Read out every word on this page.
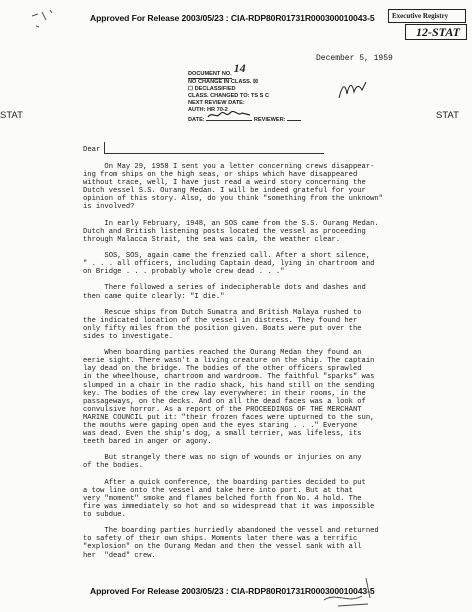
Approved For Release 2003/05/23 : CIA-RDP80R01731R000300010043-5	Executive Registry
12-STAT
STAT	STAT
December 5, 1959
DOCUMENT NO. 14
NO CHANGE IN CLASS. ☒
☐ DECLASSIFIED
CLASS. CHANGED TO: TS S C
NEXT REVIEW DATE:
AUTH: HR 70-2
DATE:	REVIEWER:
Dear
On May 29, 1958 I sent you a letter concerning crews disappear-
ing from ships on the high seas, or ships which have disappeared
without trace, well, I have just read a weird story concerning the
Dutch vessel S.S. Ourang Medan. I will be indeed grateful for your
opinion of this story. Also, do you think "something from the unknown"
is involved?

In early February, 1948, an SOS came from the S.S. Ourang Medan.
Dutch and British listening posts located the vessel as proceeding
through Malacca Strait, the sea was calm, the weather clear.

SOS, SOS, again came the frenzied call. After a short silence,
" . . . all officers, including Captain dead, lying in chartroom and
on Bridge . . . probably whole crew dead . . ."

There followed a series of indecipherable dots and dashes and
then came quite clearly: "I die."

Rescue ships from Dutch Sumatra and British Malaya rushed to
the indicated location of the vessel in distress. They found her
only fifty miles from the position given. Boats were put over the
sides to investigate.

When boarding parties reached the Ourang Medan they found an
eerie sight. There wasn't a living creature on the ship. The captain
lay dead on the bridge. The bodies of the other officers sprawled
in the wheelhouse, chartroom and wardroom. The faithful "sparks" was
slumped in a chair in the radio shack, his hand still on the sending
key. The bodies of the crew lay everywhere: in their rooms, in the
passageways, on the decks. And on all the dead faces was a look of
convulsive horror. As a report of the PROCEEDINGS OF THE MERCHANT
MARINE COUNCIL put it: "their frozen faces were upturned to the sun,
the mouths were gaping open and the eyes staring . . ." Everyone
was dead. Even the ship's dog, a small terrier, was lifeless, its
teeth bared in anger or agony.

But strangely there was no sign of wounds or injuries on any
of the bodies.

After a quick conference, the boarding parties decided to put
a tow line onto the vessel and take here into port. But at that
very "moment" smoke and flames belched forth from No. 4 hold. The
fire was immediately so hot and so widespread that it was impossible
to subdue.

The boarding parties hurriedly abandoned the vessel and returned
to safety of their own ships. Moments later there was a terrific
"explosion" on the Ourang Medan and then the vessel sank with all
her  "dead" crew.
Approved For Release 2003/05/23 : CIA-RDP80R01731R000300010043-5
